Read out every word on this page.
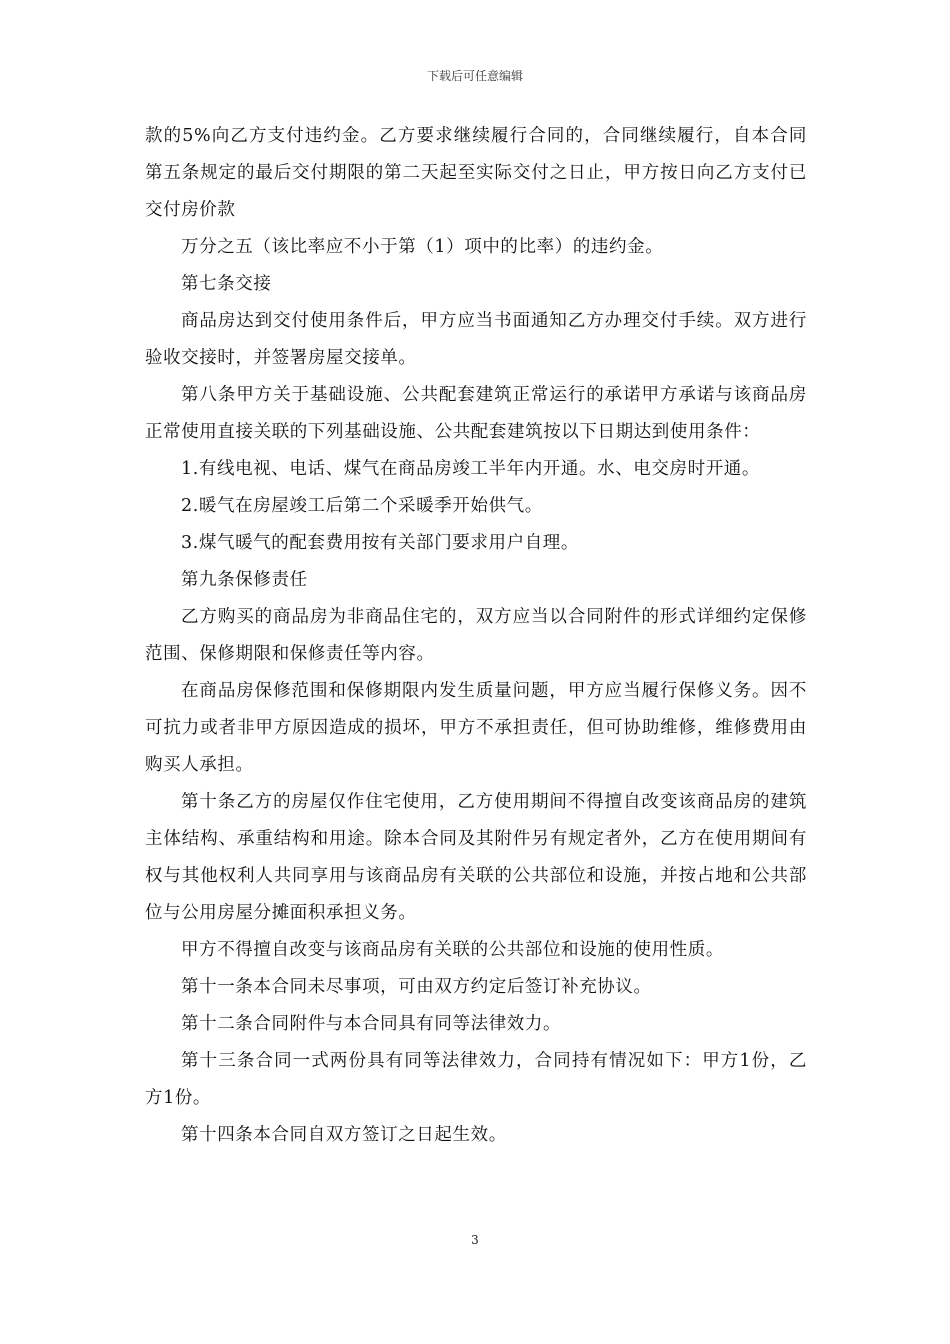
下载后可任意编辑

款的5%向乙方支付违约金。乙方要求继续履行合同的，合同继续履行，自本合同第五条规定的最后交付期限的第二天起至实际交付之日止，甲方按日向乙方支付已交付房价款

万分之五（该比率应不小于第（1）项中的比率）的违约金。

第七条交接

商品房达到交付使用条件后，甲方应当书面通知乙方办理交付手续。双方进行验收交接时，并签署房屋交接单。

第八条甲方关于基础设施、公共配套建筑正常运行的承诺甲方承诺与该商品房正常使用直接关联的下列基础设施、公共配套建筑按以下日期达到使用条件：

1.有线电视、电话、煤气在商品房竣工半年内开通。水、电交房时开通。

2.暖气在房屋竣工后第二个采暖季开始供气。

3.煤气暖气的配套费用按有关部门要求用户自理。

第九条保修责任

乙方购买的商品房为非商品住宅的，双方应当以合同附件的形式详细约定保修范围、保修期限和保修责任等内容。

在商品房保修范围和保修期限内发生质量问题，甲方应当履行保修义务。因不可抗力或者非甲方原因造成的损坏，甲方不承担责任，但可协助维修，维修费用由购买人承担。

第十条乙方的房屋仅作住宅使用，乙方使用期间不得擅自改变该商品房的建筑主体结构、承重结构和用途。除本合同及其附件另有规定者外，乙方在使用期间有权与其他权利人共同享用与该商品房有关联的公共部位和设施，并按占地和公共部位与公用房屋分摊面积承担义务。

甲方不得擅自改变与该商品房有关联的公共部位和设施的使用性质。

第十一条本合同未尽事项，可由双方约定后签订补充协议。

第十二条合同附件与本合同具有同等法律效力。

第十三条合同一式两份具有同等法律效力，合同持有情况如下：甲方1份，乙方1份。

第十四条本合同自双方签订之日起生效。

3
